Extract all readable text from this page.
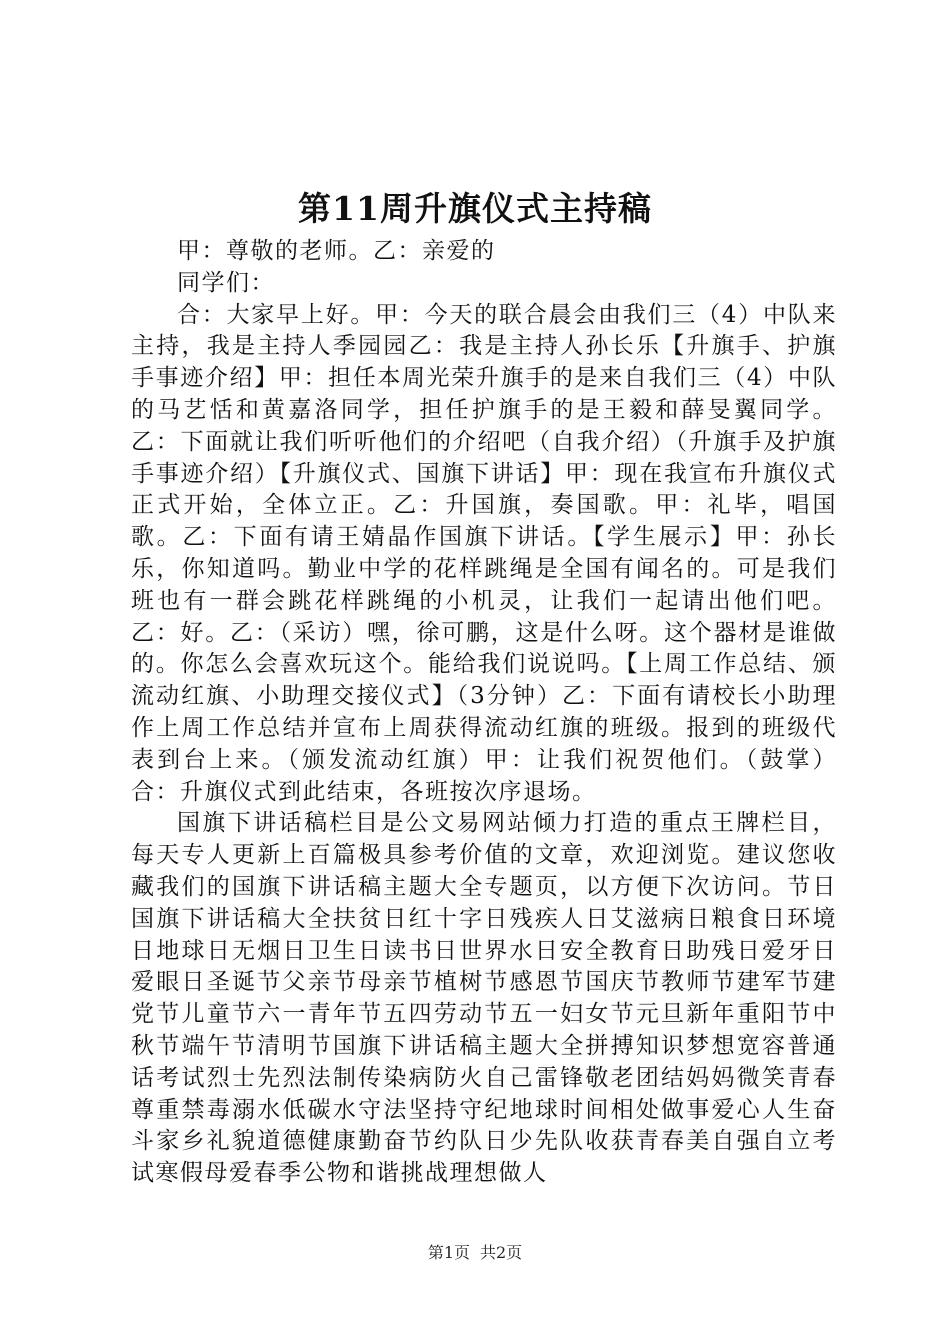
第11周升旗仪式主持稿

甲：尊敬的老师。乙：亲爱的

同学们：

合：大家早上好。甲：今天的联合晨会由我们三（4）中队来主持，我是主持人季园园乙：我是主持人孙长乐【升旗手、护旗手事迹介绍】甲：担任本周光荣升旗手的是来自我们三（4）中队的马艺恬和黄嘉洛同学，担任护旗手的是王毅和薛旻翼同学。乙：下面就让我们听听他们的介绍吧（自我介绍）（升旗手及护旗手事迹介绍）【升旗仪式、国旗下讲话】甲：现在我宣布升旗仪式正式开始，全体立正。乙：升国旗，奏国歌。甲：礼毕，唱国歌。乙：下面有请王婧晶作国旗下讲话。【学生展示】甲：孙长乐，你知道吗。勤业中学的花样跳绳是全国有闻名的。可是我们班也有一群会跳花样跳绳的小机灵，让我们一起请出他们吧。乙：好。乙：（采访）嘿，徐可鹏，这是什么呀。这个器材是谁做的。你怎么会喜欢玩这个。能给我们说说吗。【上周工作总结、颁流动红旗、小助理交接仪式】（3分钟）乙：下面有请校长小助理作上周工作总结并宣布上周获得流动红旗的班级。报到的班级代表到台上来。（颁发流动红旗）甲：让我们祝贺他们。（鼓掌）合：升旗仪式到此结束，各班按次序退场。

国旗下讲话稿栏目是公文易网站倾力打造的重点王牌栏目，每天专人更新上百篇极具参考价值的文章，欢迎浏览。建议您收藏我们的国旗下讲话稿主题大全专题页，以方便下次访问。节日国旗下讲话稿大全扶贫日红十字日残疾人日艾滋病日粮食日环境日地球日无烟日卫生日读书日世界水日安全教育日助残日爱牙日爱眼日圣诞节父亲节母亲节植树节感恩节国庆节教师节建军节建党节儿童节六一青年节五四劳动节五一妇女节元旦新年重阳节中秋节端午节清明节国旗下讲话稿主题大全拼搏知识梦想宽容普通话考试烈士先烈法制传染病防火自己雷锋敬老团结妈妈微笑青春尊重禁毒溺水低碳水守法坚持守纪地球时间相处做事爱心人生奋斗家乡礼貌道德健康勤奋节约队日少先队收获青春美自强自立考试寒假母爱春季公物和谐挑战理想做人

第1页 共2页
